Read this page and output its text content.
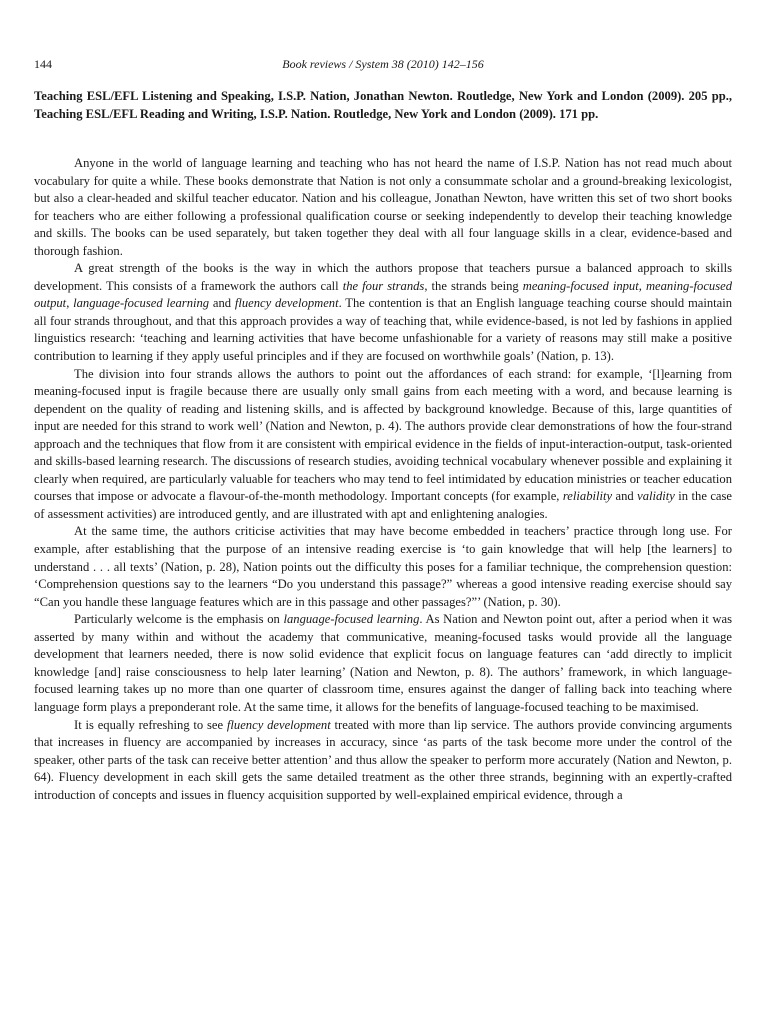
144	Book reviews / System 38 (2010) 142–156
Teaching ESL/EFL Listening and Speaking, I.S.P. Nation, Jonathan Newton. Routledge, New York and London (2009). 205 pp., Teaching ESL/EFL Reading and Writing, I.S.P. Nation. Routledge, New York and London (2009). 171 pp.

Anyone in the world of language learning and teaching who has not heard the name of I.S.P. Nation has not read much about vocabulary for quite a while. These books demonstrate that Nation is not only a consummate scholar and a ground-breaking lexicologist, but also a clear-headed and skilful teacher educator. Nation and his colleague, Jonathan Newton, have written this set of two short books for teachers who are either following a professional qualification course or seeking independently to develop their teaching knowledge and skills. The books can be used separately, but taken together they deal with all four language skills in a clear, evidence-based and thorough fashion.

A great strength of the books is the way in which the authors propose that teachers pursue a balanced approach to skills development. This consists of a framework the authors call the four strands, the strands being meaning-focused input, meaning-focused output, language-focused learning and fluency development. The contention is that an English language teaching course should maintain all four strands throughout, and that this approach provides a way of teaching that, while evidence-based, is not led by fashions in applied linguistics research: ‘teaching and learning activities that have become unfashionable for a variety of reasons may still make a positive contribution to learning if they apply useful principles and if they are focused on worthwhile goals’ (Nation, p. 13).

The division into four strands allows the authors to point out the affordances of each strand: for example, ‘[l]earning from meaning-focused input is fragile because there are usually only small gains from each meeting with a word, and because learning is dependent on the quality of reading and listening skills, and is affected by background knowledge. Because of this, large quantities of input are needed for this strand to work well’ (Nation and Newton, p. 4). The authors provide clear demonstrations of how the four-strand approach and the techniques that flow from it are consistent with empirical evidence in the fields of input-interaction-output, task-oriented and skills-based learning research. The discussions of research studies, avoiding technical vocabulary whenever possible and explaining it clearly when required, are particularly valuable for teachers who may tend to feel intimidated by education ministries or teacher education courses that impose or advocate a flavour-of-the-month methodology. Important concepts (for example, reliability and validity in the case of assessment activities) are introduced gently, and are illustrated with apt and enlightening analogies.

At the same time, the authors criticise activities that may have become embedded in teachers’ practice through long use. For example, after establishing that the purpose of an intensive reading exercise is ‘to gain knowledge that will help [the learners] to understand . . . all texts’ (Nation, p. 28), Nation points out the difficulty this poses for a familiar technique, the comprehension question: ‘Comprehension questions say to the learners “Do you understand this passage?” whereas a good intensive reading exercise should say “Can you handle these language features which are in this passage and other passages?”’ (Nation, p. 30).

Particularly welcome is the emphasis on language-focused learning. As Nation and Newton point out, after a period when it was asserted by many within and without the academy that communicative, meaning-focused tasks would provide all the language development that learners needed, there is now solid evidence that explicit focus on language features can ‘add directly to implicit knowledge [and] raise consciousness to help later learning’ (Nation and Newton, p. 8). The authors’ framework, in which language-focused learning takes up no more than one quarter of classroom time, ensures against the danger of falling back into teaching where language form plays a preponderant role. At the same time, it allows for the benefits of language-focused teaching to be maximised.

It is equally refreshing to see fluency development treated with more than lip service. The authors provide convincing arguments that increases in fluency are accompanied by increases in accuracy, since ‘as parts of the task become more under the control of the speaker, other parts of the task can receive better attention’ and thus allow the speaker to perform more accurately (Nation and Newton, p. 64). Fluency development in each skill gets the same detailed treatment as the other three strands, beginning with an expertly-crafted introduction of concepts and issues in fluency acquisition supported by well-explained empirical evidence, through a
